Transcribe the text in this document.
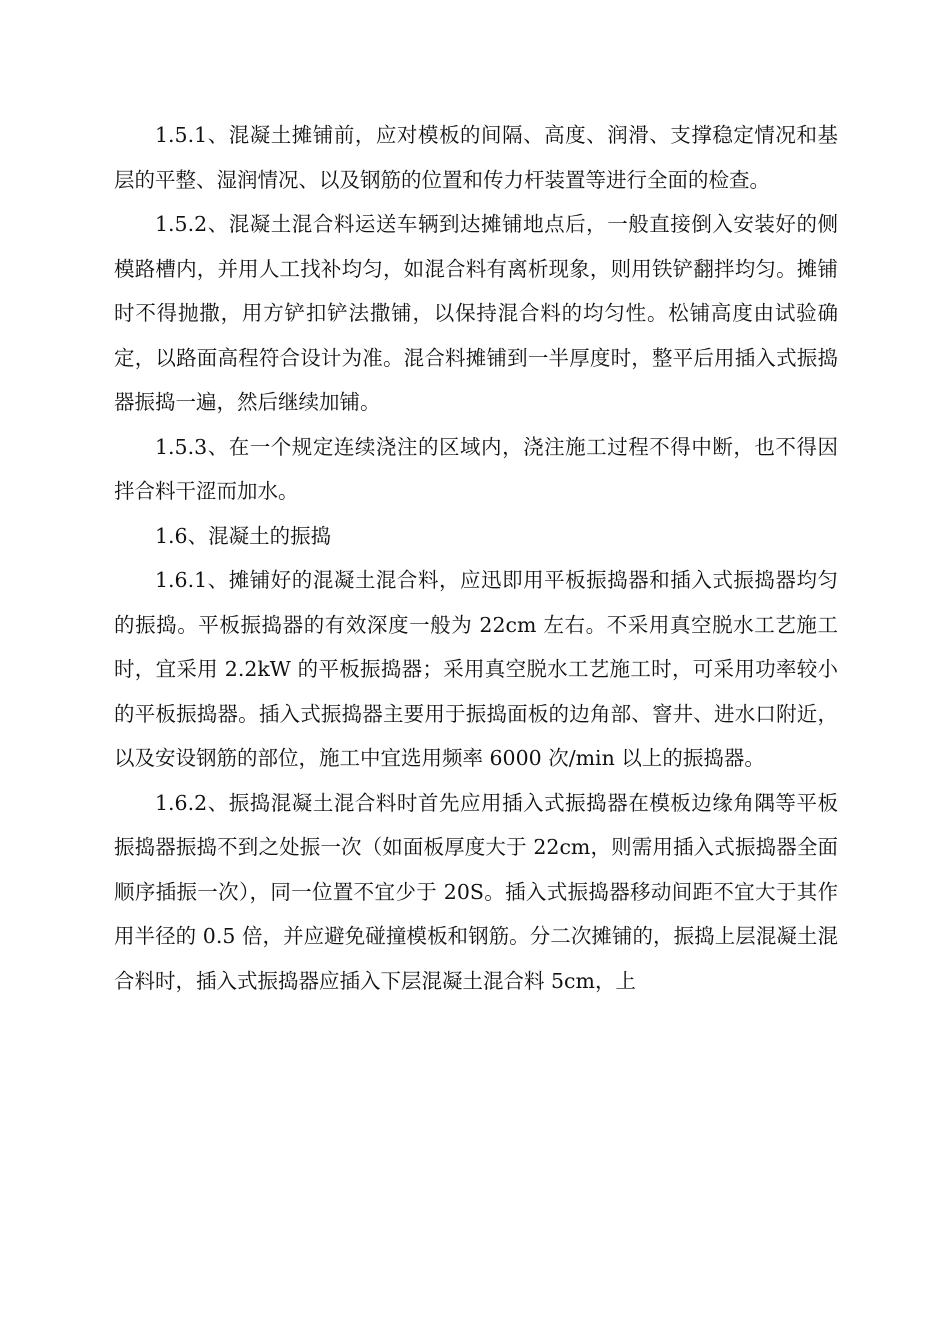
1.5.1、混凝土摊铺前，应对模板的间隔、高度、润滑、支撑稳定情况和基层的平整、湿润情况、以及钢筋的位置和传力杆装置等进行全面的检查。

1.5.2、混凝土混合料运送车辆到达摊铺地点后，一般直接倒入安装好的侧模路槽内，并用人工找补均匀，如混合料有离析现象，则用铁铲翻拌均匀。摊铺时不得抛撒，用方铲扣铲法撒铺，以保持混合料的均匀性。松铺高度由试验确定，以路面高程符合设计为准。混合料摊铺到一半厚度时，整平后用插入式振捣器振捣一遍，然后继续加铺。

1.5.3、在一个规定连续浇注的区域内，浇注施工过程不得中断，也不得因拌合料干涩而加水。

1.6、混凝土的振捣

1.6.1、摊铺好的混凝土混合料，应迅即用平板振捣器和插入式振捣器均匀的振捣。平板振捣器的有效深度一般为 22cm 左右。不采用真空脱水工艺施工时，宜采用 2.2kW 的平板振捣器；采用真空脱水工艺施工时，可采用功率较小的平板振捣器。插入式振捣器主要用于振捣面板的边角部、窨井、进水口附近，以及安设钢筋的部位，施工中宜选用频率 6000 次/min 以上的振捣器。

1.6.2、振捣混凝土混合料时首先应用插入式振捣器在模板边缘角隅等平板振捣器振捣不到之处振一次（如面板厚度大于 22cm，则需用插入式振捣器全面顺序插振一次），同一位置不宜少于 20S。插入式振捣器移动间距不宜大于其作用半径的 0.5 倍，并应避免碰撞模板和钢筋。分二次摊铺的，振捣上层混凝土混合料时，插入式振捣器应插入下层混凝土混合料 5cm，上
